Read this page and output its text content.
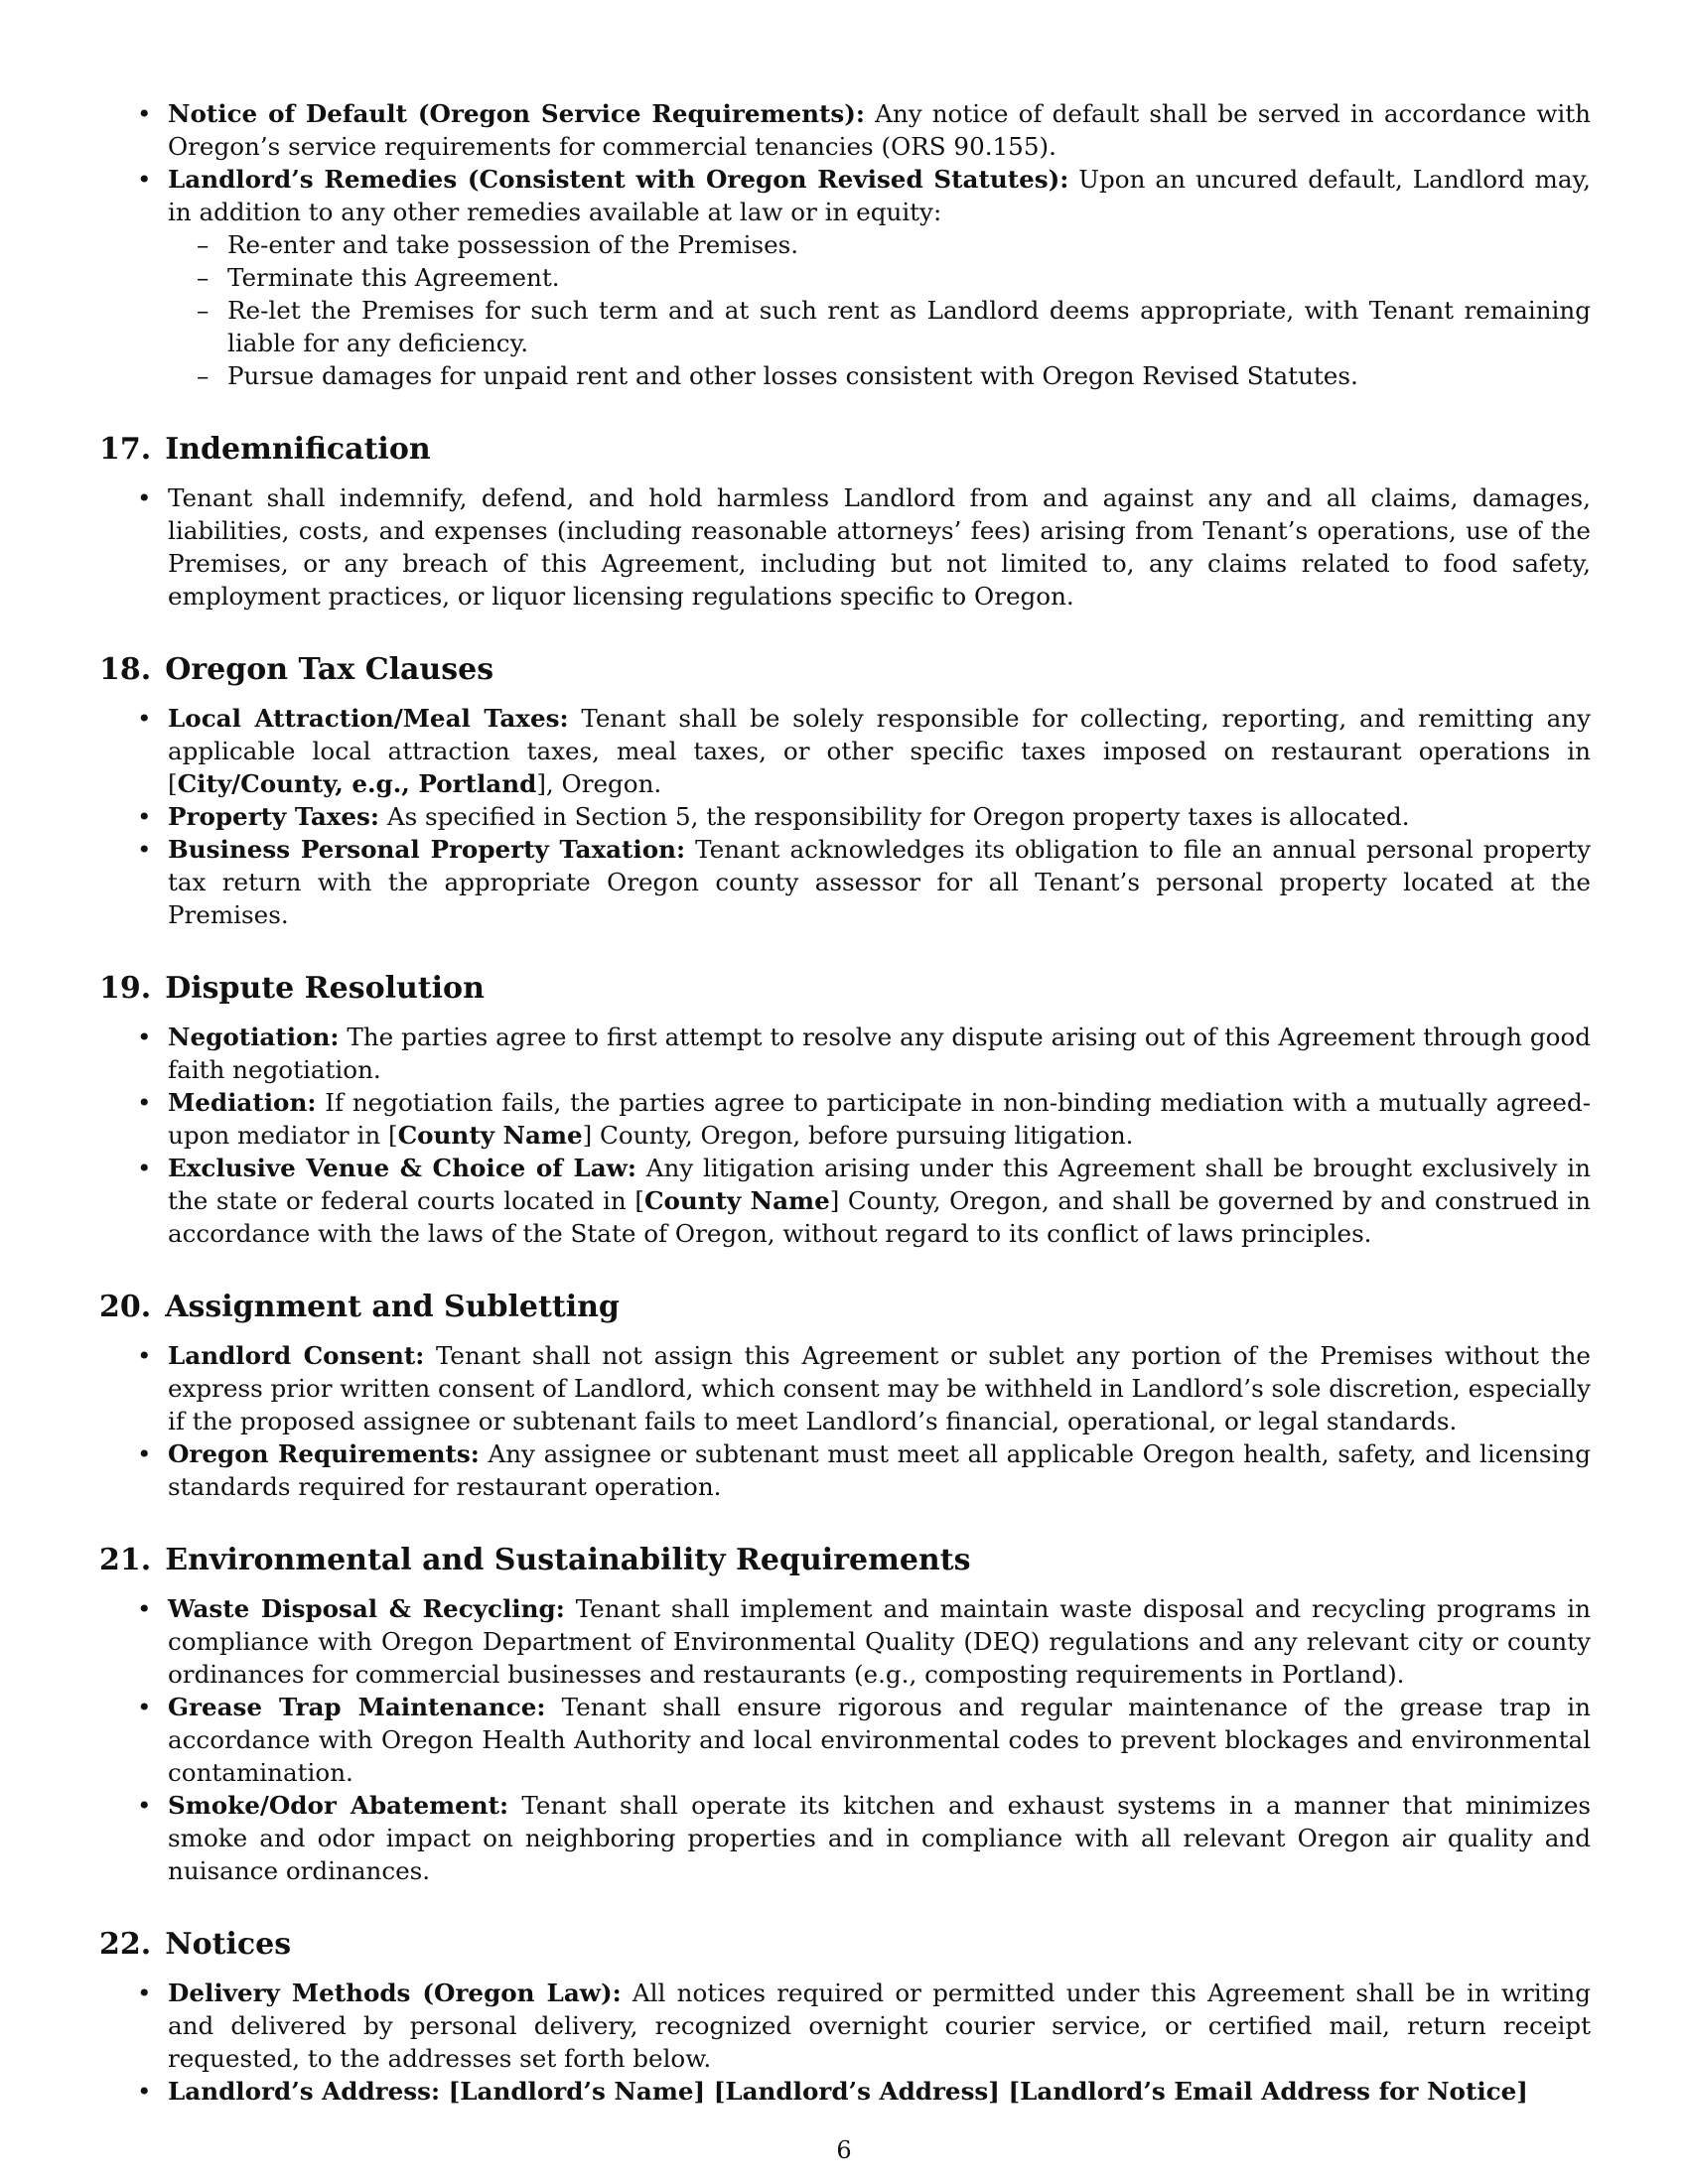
• Notice of Default (Oregon Service Requirements): Any notice of default shall be served in accordance with Oregon’s service requirements for commercial tenancies (ORS 90.155).
• Landlord’s Remedies (Consistent with Oregon Revised Statutes): Upon an uncured default, Landlord may, in addition to any other remedies available at law or in equity:
– Re-enter and take possession of the Premises.
– Terminate this Agreement.
– Re-let the Premises for such term and at such rent as Landlord deems appropriate, with Tenant remaining liable for any deficiency.
– Pursue damages for unpaid rent and other losses consistent with Oregon Revised Statutes.
17. Indemnification
• Tenant shall indemnify, defend, and hold harmless Landlord from and against any and all claims, damages, liabilities, costs, and expenses (including reasonable attorneys’ fees) arising from Tenant’s operations, use of the Premises, or any breach of this Agreement, including but not limited to, any claims related to food safety, employment practices, or liquor licensing regulations specific to Oregon.
18. Oregon Tax Clauses
• Local Attraction/Meal Taxes: Tenant shall be solely responsible for collecting, reporting, and remitting any applicable local attraction taxes, meal taxes, or other specific taxes imposed on restaurant operations in [City/County, e.g., Portland], Oregon.
• Property Taxes: As specified in Section 5, the responsibility for Oregon property taxes is allocated.
• Business Personal Property Taxation: Tenant acknowledges its obligation to file an annual personal property tax return with the appropriate Oregon county assessor for all Tenant’s personal property located at the Premises.
19. Dispute Resolution
• Negotiation: The parties agree to first attempt to resolve any dispute arising out of this Agreement through good faith negotiation.
• Mediation: If negotiation fails, the parties agree to participate in non-binding mediation with a mutually agreed-upon mediator in [County Name] County, Oregon, before pursuing litigation.
• Exclusive Venue & Choice of Law: Any litigation arising under this Agreement shall be brought exclusively in the state or federal courts located in [County Name] County, Oregon, and shall be governed by and construed in accordance with the laws of the State of Oregon, without regard to its conflict of laws principles.
20. Assignment and Subletting
• Landlord Consent: Tenant shall not assign this Agreement or sublet any portion of the Premises without the express prior written consent of Landlord, which consent may be withheld in Landlord’s sole discretion, especially if the proposed assignee or subtenant fails to meet Landlord’s financial, operational, or legal standards.
• Oregon Requirements: Any assignee or subtenant must meet all applicable Oregon health, safety, and licensing standards required for restaurant operation.
21. Environmental and Sustainability Requirements
• Waste Disposal & Recycling: Tenant shall implement and maintain waste disposal and recycling programs in compliance with Oregon Department of Environmental Quality (DEQ) regulations and any relevant city or county ordinances for commercial businesses and restaurants (e.g., composting requirements in Portland).
• Grease Trap Maintenance: Tenant shall ensure rigorous and regular maintenance of the grease trap in accordance with Oregon Health Authority and local environmental codes to prevent blockages and environmental contamination.
• Smoke/Odor Abatement: Tenant shall operate its kitchen and exhaust systems in a manner that minimizes smoke and odor impact on neighboring properties and in compliance with all relevant Oregon air quality and nuisance ordinances.
22. Notices
• Delivery Methods (Oregon Law): All notices required or permitted under this Agreement shall be in writing and delivered by personal delivery, recognized overnight courier service, or certified mail, return receipt requested, to the addresses set forth below.
• Landlord’s Address: [Landlord’s Name] [Landlord’s Address] [Landlord’s Email Address for Notice]
6
